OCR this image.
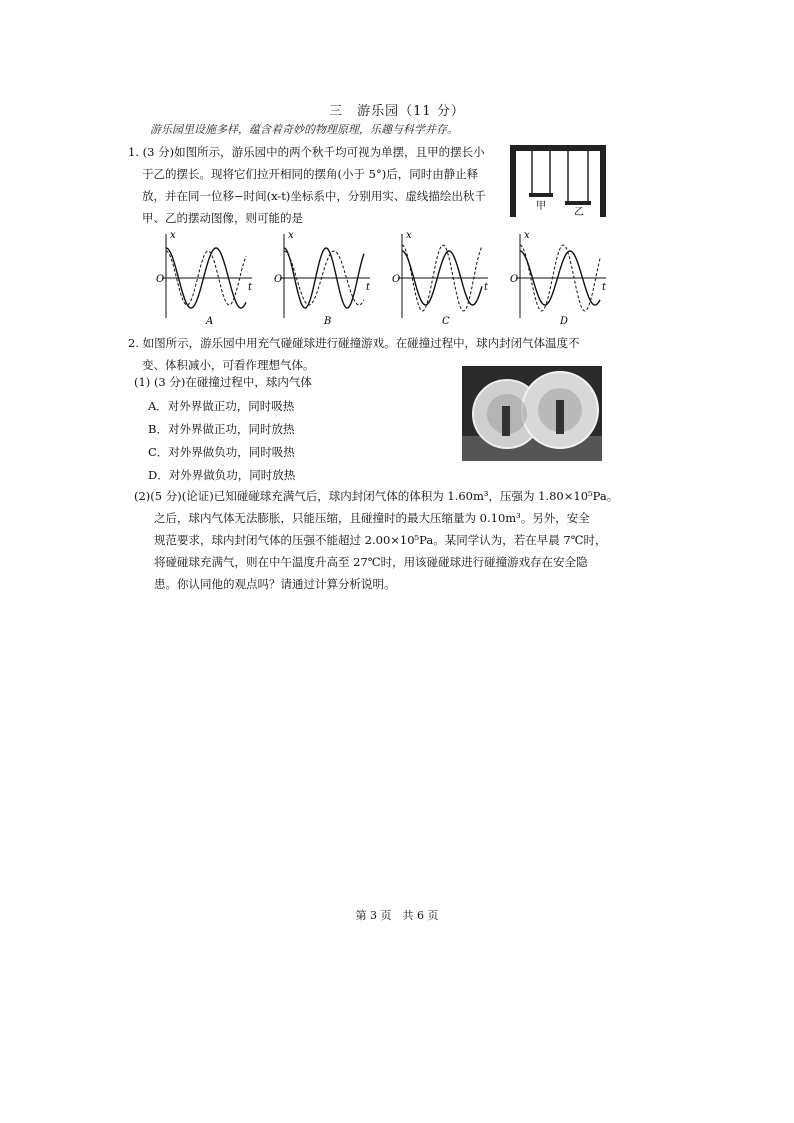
三　游乐园（11 分）
游乐园里设施多样，蕴含着奇妙的物理原理，乐趣与科学并存。
1. (3 分)如图所示，游乐园中的两个秋千均可视为单摆，且甲的摆长小
于乙的摆长。现将它们拉开相同的摆角(小于 5°)后，同时由静止释
放，并在同一位移−时间(x-t)坐标系中，分别用实、虚线描绘出秋千
甲、乙的摆动图像，则可能的是
甲
乙
x
t
O
A
x
t
O
B
x
t
O
C
x
t
O
D
2. 如图所示，游乐园中用充气碰碰球进行碰撞游戏。在碰撞过程中，球内封闭气体温度不
变、体积减小，可看作理想气体。
(1) (3 分)在碰撞过程中，球内气体
A．对外界做正功，同时吸热
B．对外界做正功，同时放热
C．对外界做负功，同时吸热
D．对外界做负功，同时放热
(2)(5 分)(论证)已知碰碰球充满气后，球内封闭气体的体积为 1.60m³，压强为 1.80×10⁵Pa。
之后，球内气体无法膨胀，只能压缩，且碰撞时的最大压缩量为 0.10m³。另外，安全
规范要求，球内封闭气体的压强不能超过 2.00×10⁵Pa。某同学认为，若在早晨 7℃时，
将碰碰球充满气，则在中午温度升高至 27℃时，用该碰碰球进行碰撞游戏存在安全隐
患。你认同他的观点吗？请通过计算分析说明。
第 3 页　共 6 页
